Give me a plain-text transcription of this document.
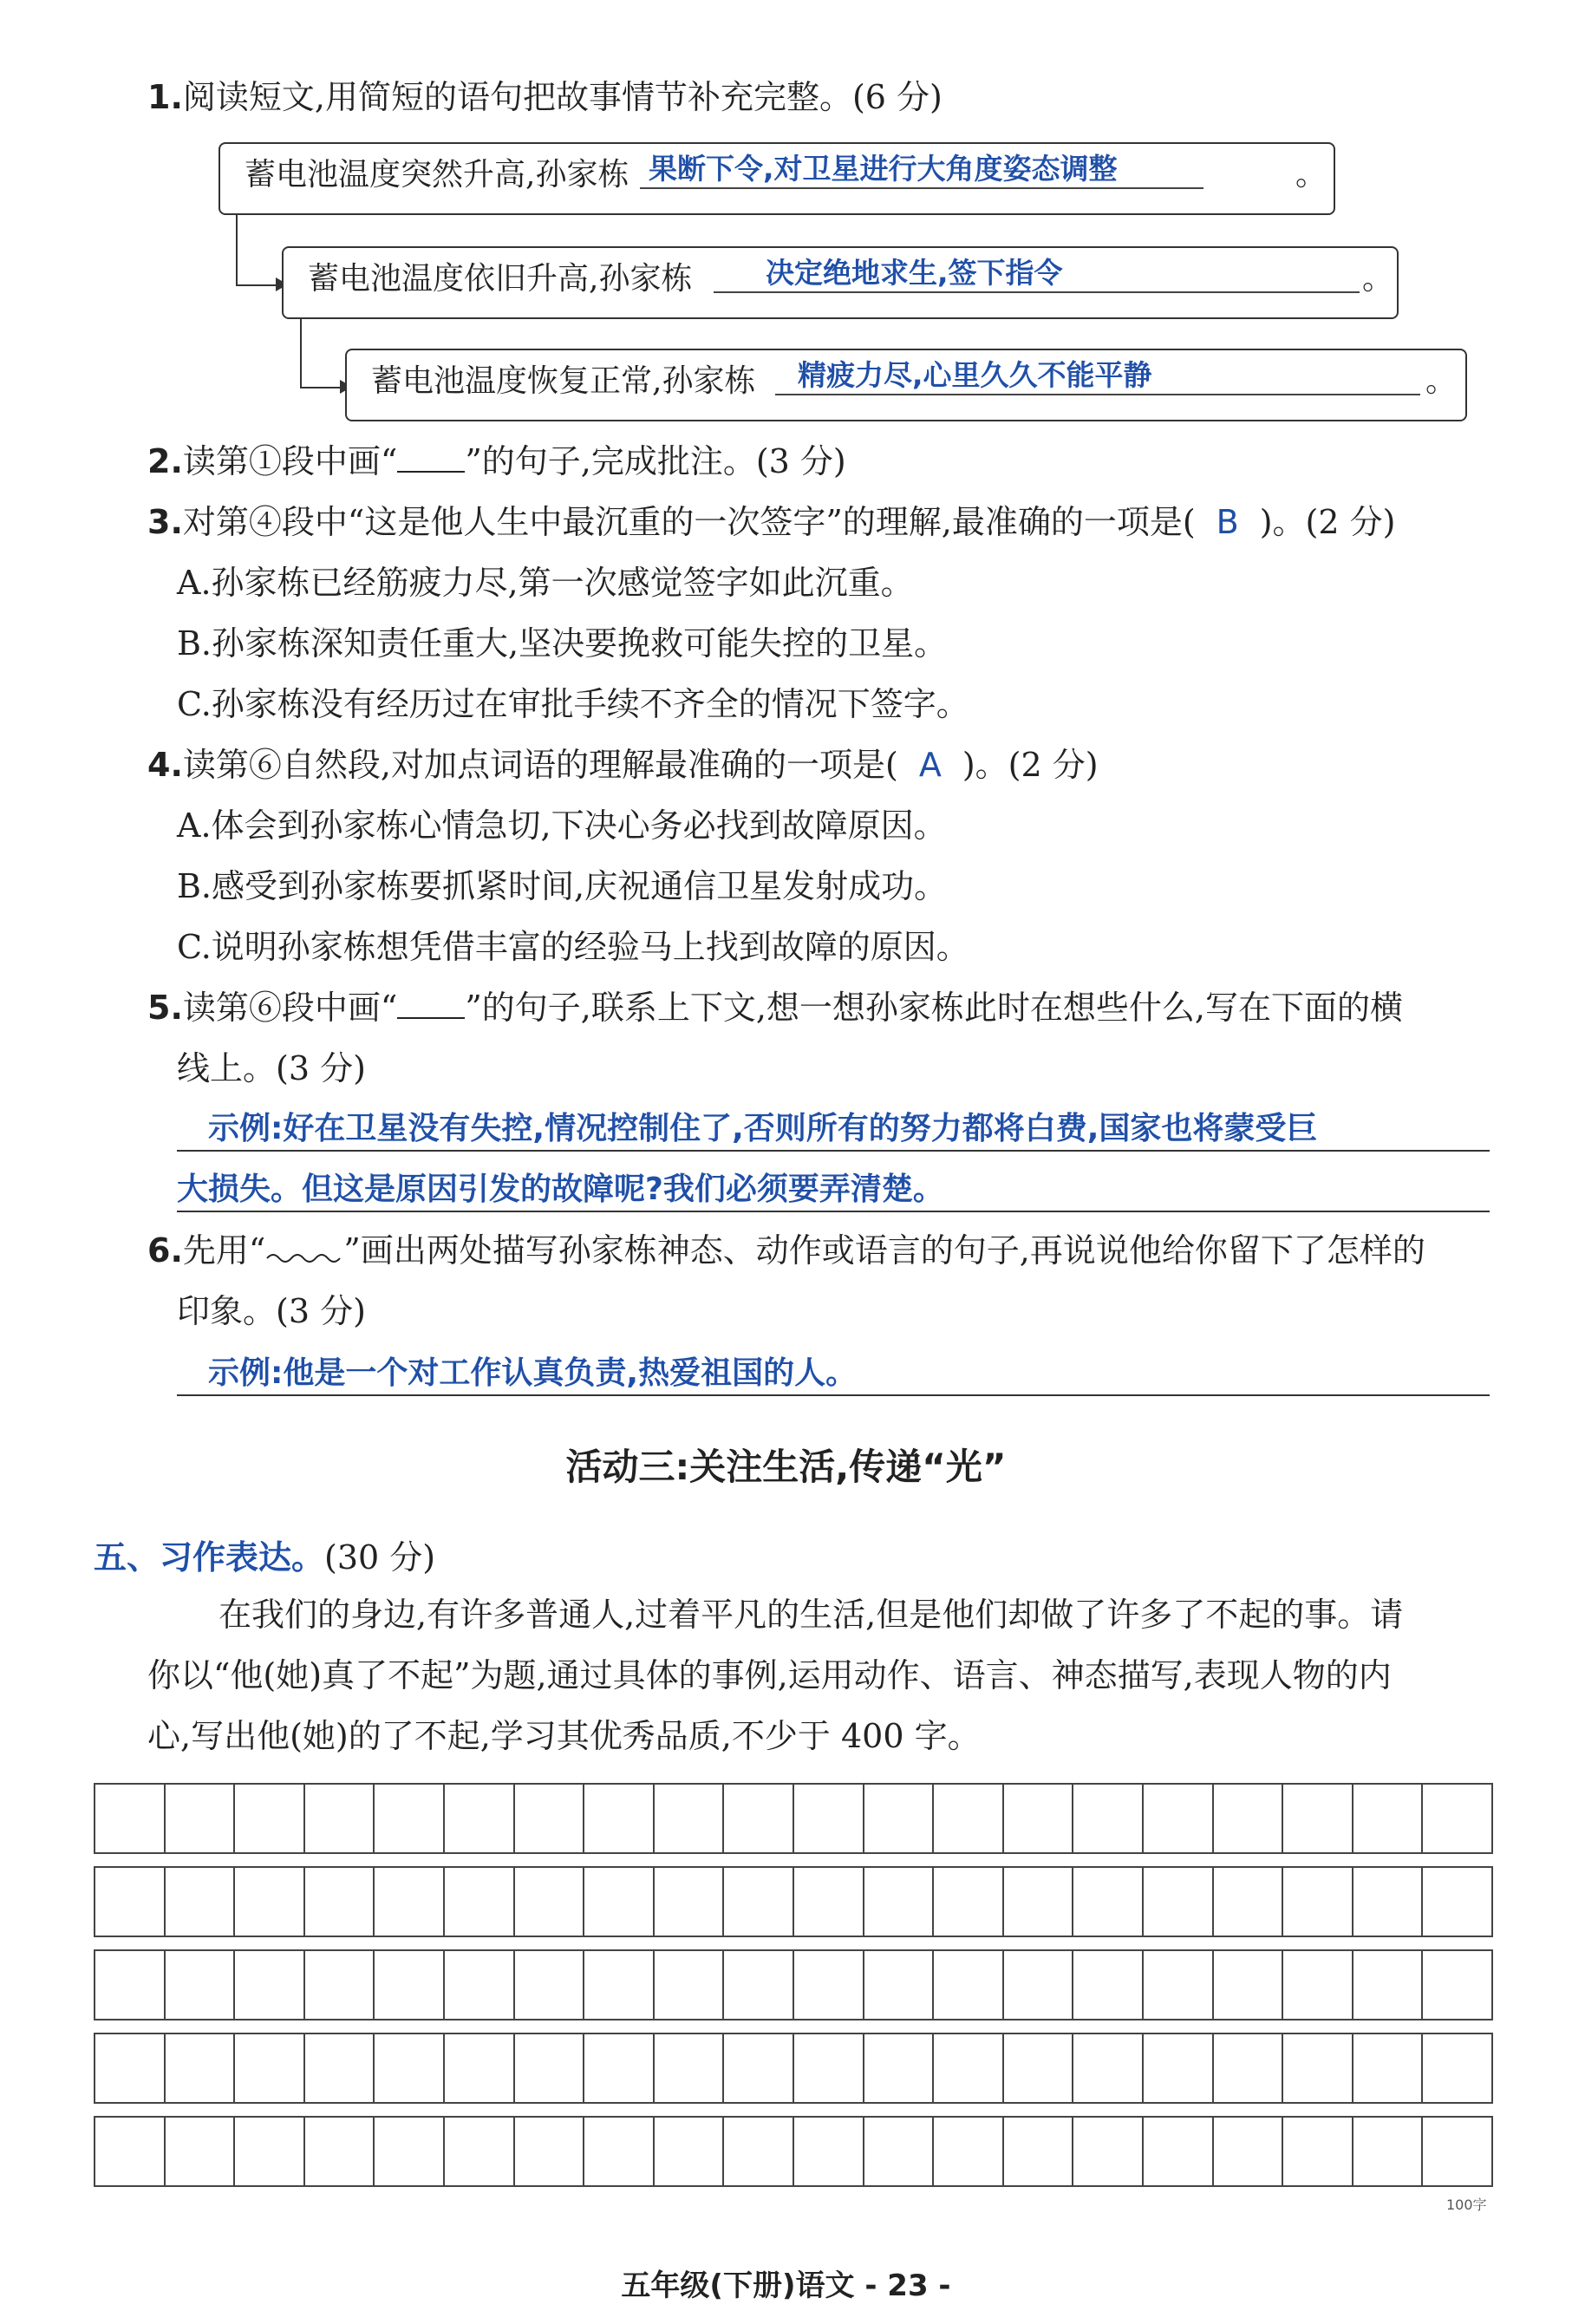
1.阅读短文,用简短的语句把故事情节补充完整。(6 分)
蓄电池温度突然升高,孙家栋 果断下令,对卫星进行大角度姿态调整	。
蓄电池温度依旧升高,孙家栋	决定绝地求生,签下指令	。
蓄电池温度恢复正常,孙家栋 精疲力尽,心里久久不能平静	。
2.读第①段中画“ ”的句子,完成批注。(3 分)
3.对第④段中“这是他人生中最沉重的一次签字”的理解,最准确的一项是( B )。(2 分)
A.孙家栋已经筋疲力尽,第一次感觉签字如此沉重。
B.孙家栋深知责任重大,坚决要挽救可能失控的卫星。
C.孙家栋没有经历过在审批手续不齐全的情况下签字。
4.读第⑥自然段,对加点词语的理解最准确的一项是( A )。(2 分)
A.体会到孙家栋心情急切,下决心务必找到故障原因。
B.感受到孙家栋要抓紧时间,庆祝通信卫星发射成功。
C.说明孙家栋想凭借丰富的经验马上找到故障的原因。
5.读第⑥段中画“ ”的句子,联系上下文,想一想孙家栋此时在想些什么,写在下面的横
线上。(3 分)
示例:好在卫星没有失控,情况控制住了,否则所有的努力都将白费,国家也将蒙受巨
大损失。但这是原因引发的故障呢?我们必须要弄清楚。
6.先用“ ”画出两处描写孙家栋神态、动作或语言的句子,再说说他给你留下了怎样的
印象。(3 分)
示例:他是一个对工作认真负责,热爱祖国的人。
活动三:关注生活,传递“光”
五、习作表达。(30 分)
在我们的身边,有许多普通人,过着平凡的生活,但是他们却做了许多了不起的事。请
你以“他(她)真了不起”为题,通过具体的事例,运用动作、语言、神态描写,表现人物的内
心,写出他(她)的了不起,学习其优秀品质,不少于 400 字。
100字
五年级(下册)语文 - 23 -
